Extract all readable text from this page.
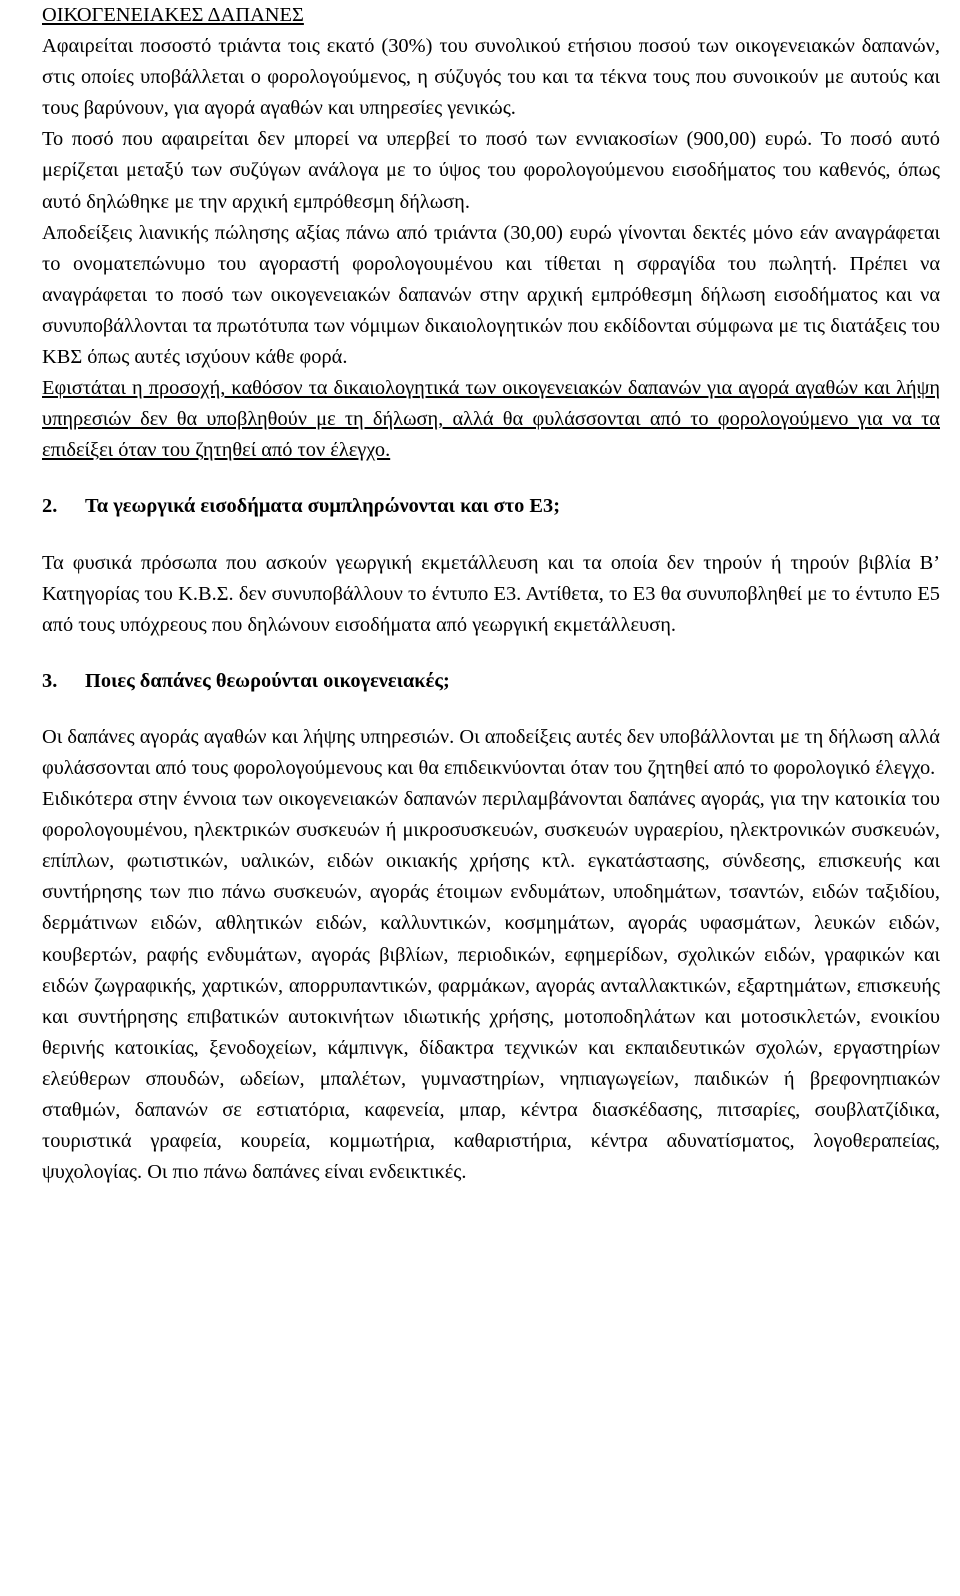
ΟΙΚΟΓΕΝΕΙΑΚΕΣ ΔΑΠΑΝΕΣ

Αφαιρείται ποσοστό τριάντα τοις εκατό (30%) του συνολικού ετήσιου ποσού των οικογενειακών δαπανών, στις οποίες υποβάλλεται ο φορολογούμενος, η σύζυγός του και τα τέκνα τους που συνοικούν με αυτούς και τους βαρύνουν, για αγορά αγαθών και υπηρεσίες γενικώς.

Το ποσό που αφαιρείται δεν μπορεί να υπερβεί το ποσό των εννιακοσίων (900,00) ευρώ. Το ποσό αυτό μερίζεται μεταξύ των συζύγων ανάλογα με το ύψος του φορολογούμενου εισοδήματος του καθενός, όπως αυτό δηλώθηκε με την αρχική εμπρόθεσμη δήλωση.

Αποδείξεις λιανικής πώλησης αξίας πάνω από τριάντα (30,00) ευρώ γίνονται δεκτές μόνο εάν αναγράφεται το ονοματεπώνυμο του αγοραστή φορολογουμένου και τίθεται η σφραγίδα του πωλητή. Πρέπει να αναγράφεται το ποσό των οικογενειακών δαπανών στην αρχική εμπρόθεσμη δήλωση εισοδήματος και να συνυποβάλλονται τα πρωτότυπα των νόμιμων δικαιολογητικών που εκδίδονται σύμφωνα με τις διατάξεις του ΚΒΣ όπως αυτές ισχύουν κάθε φορά.

Εφιστάται η προσοχή, καθόσον τα δικαιολογητικά των οικογενειακών δαπανών για αγορά αγαθών και λήψη υπηρεσιών δεν θα υποβληθούν με τη δήλωση, αλλά θα φυλάσσονται από το φορολογούμενο για να τα επιδείξει όταν του ζητηθεί από τον έλεγχο.

2.	Τα γεωργικά εισοδήματα συμπληρώνονται και στο Ε3;

Τα φυσικά πρόσωπα που ασκούν γεωργική εκμετάλλευση και τα οποία δεν τηρούν ή τηρούν βιβλία Β’ Κατηγορίας του Κ.Β.Σ. δεν συνυποβάλλουν το έντυπο Ε3. Αντίθετα, το Ε3 θα συνυποβληθεί με το έντυπο Ε5 από τους υπόχρεους που δηλώνουν εισοδήματα από γεωργική εκμετάλλευση.

3.	Ποιες δαπάνες θεωρούνται οικογενειακές;

Οι δαπάνες αγοράς αγαθών και λήψης υπηρεσιών. Οι αποδείξεις αυτές δεν υποβάλλονται με τη δήλωση αλλά φυλάσσονται από τους φορολογούμενους και θα επιδεικνύονται όταν του ζητηθεί από το φορολογικό έλεγχο.

Ειδικότερα στην έννοια των οικογενειακών δαπανών περιλαμβάνονται δαπάνες αγοράς, για την κατοικία του φορολογουμένου, ηλεκτρικών συσκευών ή μικροσυσκευών, συσκευών υγραερίου, ηλεκτρονικών συσκευών, επίπλων, φωτιστικών, υαλικών, ειδών οικιακής χρήσης κτλ. εγκατάστασης, σύνδεσης, επισκευής και συντήρησης των πιο πάνω συσκευών, αγοράς έτοιμων ενδυμάτων, υποδημάτων, τσαντών, ειδών ταξιδίου, δερμάτινων ειδών, αθλητικών ειδών, καλλυντικών, κοσμημάτων, αγοράς υφασμάτων, λευκών ειδών, κουβερτών, ραφής ενδυμάτων, αγοράς βιβλίων, περιοδικών, εφημερίδων, σχολικών ειδών, γραφικών και ειδών ζωγραφικής, χαρτικών, απορρυπαντικών, φαρμάκων, αγοράς ανταλλακτικών, εξαρτημάτων, επισκευής και συντήρησης επιβατικών αυτοκινήτων ιδιωτικής χρήσης, μοτοποδηλάτων και μοτοσικλετών, ενοικίου θερινής κατοικίας, ξενοδοχείων, κάμπινγκ, δίδακτρα τεχνικών και εκπαιδευτικών σχολών, εργαστηρίων ελεύθερων σπουδών, ωδείων, μπαλέτων, γυμναστηρίων, νηπιαγωγείων, παιδικών ή βρεφονηπιακών σταθμών, δαπανών σε εστιατόρια, καφενεία, μπαρ, κέντρα διασκέδασης, πιτσαρίες, σουβλατζίδικα, τουριστικά γραφεία, κουρεία, κομμωτήρια, καθαριστήρια, κέντρα αδυνατίσματος, λογοθεραπείας, ψυχολογίας. Οι πιο πάνω δαπάνες είναι ενδεικτικές.
